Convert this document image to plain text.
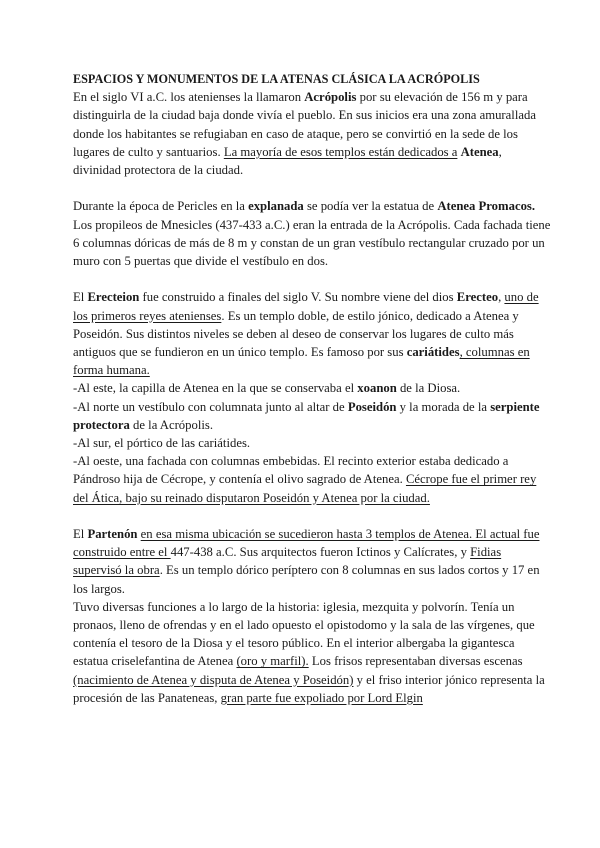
ESPACIOS Y MONUMENTOS DE LA ATENAS CLÁSICA LA ACRÓPOLIS

En el siglo VI a.C. los atenienses la llamaron Acrópolis por su elevación de 156 m y para distinguirla de la ciudad baja donde vivía el pueblo. En sus inicios era una zona amurallada donde los habitantes se refugiaban en caso de ataque, pero se convirtió en la sede de los lugares de culto y santuarios. La mayoría de esos templos están dedicados a Atenea, divinidad protectora de la ciudad.

Durante la época de Pericles en la explanada se podía ver la estatua de Atenea Promacos.

Los propileos de Mnesicles (437-433 a.C.) eran la entrada de la Acrópolis. Cada fachada tiene 6 columnas dóricas de más de 8 m y constan de un gran vestíbulo rectangular cruzado por un muro con 5 puertas que divide el vestíbulo en dos.

El Erecteion fue construido a finales del siglo V. Su nombre viene del dios Erecteo, uno de los primeros reyes atenienses. Es un templo doble, de estilo jónico, dedicado a Atenea y Poseidón. Sus distintos niveles se deben al deseo de conservar los lugares de culto más antiguos que se fundieron en un único templo. Es famoso por sus cariátides, columnas en forma humana.

-Al este, la capilla de Atenea en la que se conservaba el xoanon de la Diosa.

-Al norte un vestíbulo con columnata junto al altar de Poseidón y la morada de la serpiente protectora de la Acrópolis.

-Al sur, el pórtico de las cariátides.

-Al oeste, una fachada con columnas embebidas. El recinto exterior estaba dedicado a Pándroso hija de Cécrope, y contenía el olivo sagrado de Atenea. Cécrope fue el primer rey del Ática, bajo su reinado disputaron Poseidón y Atenea por la ciudad.

El Partenón en esa misma ubicación se sucedieron hasta 3 templos de Atenea. El actual fue construido entre el 447-438 a.C. Sus arquitectos fueron Ictinos y Calícrates, y Fidias supervisó la obra. Es un templo dórico períptero con 8 columnas en sus lados cortos y 17 en los largos.

Tuvo diversas funciones a lo largo de la historia: iglesia, mezquita y polvorín. Tenía un pronaos, lleno de ofrendas y en el lado opuesto el opistodomo y la sala de las vírgenes, que contenía el tesoro de la Diosa y el tesoro público. En el interior albergaba la gigantesca estatua criselefantina de Atenea (oro y marfil). Los frisos representaban diversas escenas (nacimiento de Atenea y disputa de Atenea y Poseidón) y el friso interior jónico representa la procesión de las Panateneas, gran parte fue expoliado por Lord Elgin
